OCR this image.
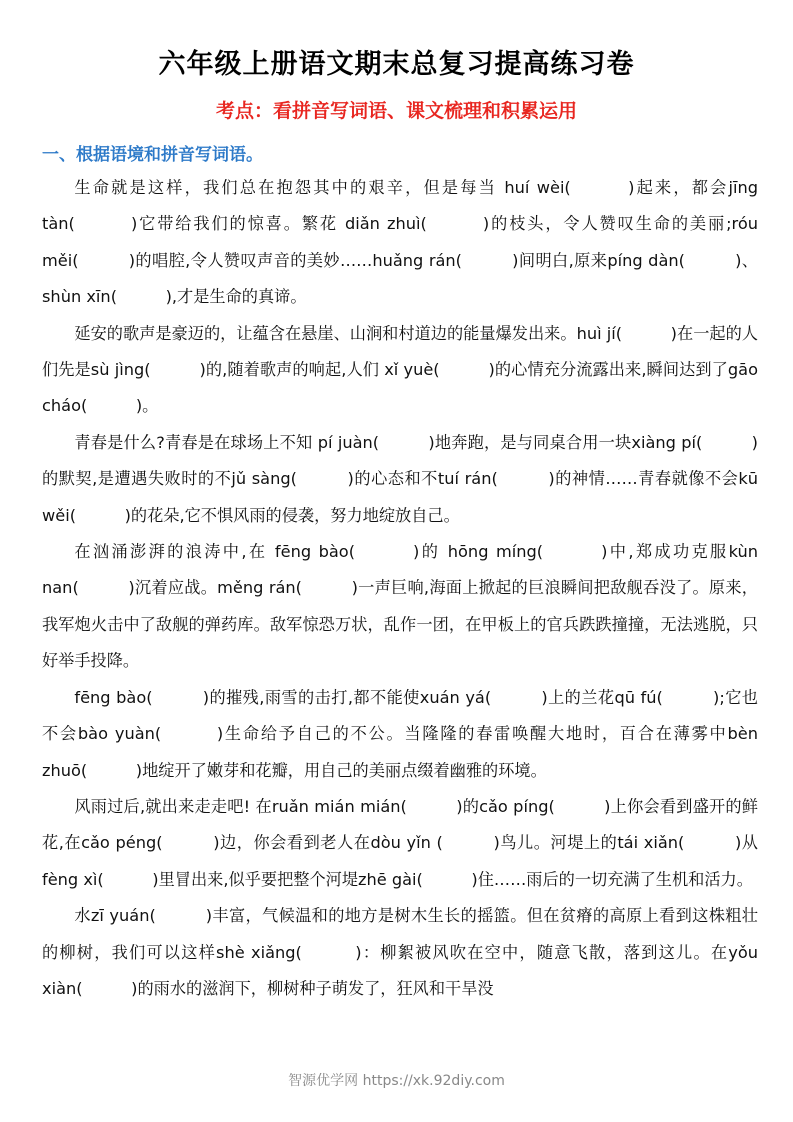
六年级上册语文期末总复习提高练习卷
考点：看拼音写词语、课文梳理和积累运用
一、根据语境和拼音写词语。

生命就是这样，我们总在抱怨其中的艰辛，但是每当 huí wèi(　　　)起来，都会jīng tàn(　　　)它带给我们的惊喜。繁花 diǎn zhuì(　　　)的枝头，令人赞叹生命的美丽;róu měi(　　　)的唱腔,令人赞叹声音的美妙……huǎng rán(　　　)间明白,原来píng dàn(　　　)、shùn xīn(　　　),才是生命的真谛。

延安的歌声是豪迈的，让蕴含在悬崖、山涧和村道边的能量爆发出来。huì jí(　　　)在一起的人们先是sù jìng(　　　)的,随着歌声的响起,人们 xǐ yuè(　　　)的心情充分流露出来,瞬间达到了gāo cháo(　　　)。

青春是什么?青春是在球场上不知 pí juàn(　　　)地奔跑，是与同桌合用一块xiàng pí(　　　)的默契,是遭遇失败时的不jǔ sàng(　　　)的心态和不tuí rán(　　　)的神情……青春就像不会kū wěi(　　　)的花朵,它不惧风雨的侵袭，努力地绽放自己。

在汹涌澎湃的浪涛中,在 fēng bào(　　　)的 hōng míng(　　　)中,郑成功克服kùn nan(　　　)沉着应战。měng rán(　　　)一声巨响,海面上掀起的巨浪瞬间把敌舰吞没了。原来，我军炮火击中了敌舰的弹药库。敌军惊恐万状，乱作一团，在甲板上的官兵跌跌撞撞，无法逃脱，只好举手投降。

fēng bào(　　　)的摧残,雨雪的击打,都不能使xuán yá(　　　)上的兰花qū fú(　　　);它也不会bào yuàn(　　　)生命给予自己的不公。当隆隆的春雷唤醒大地时，百合在薄雾中bèn zhuō(　　　)地绽开了嫩芽和花瓣，用自己的美丽点缀着幽雅的环境。

风雨过后,就出来走走吧! 在ruǎn mián mián(　　　)的cǎo píng(　　　)上你会看到盛开的鲜花,在cǎo péng(　　　)边，你会看到老人在dòu yǐn (　　　)鸟儿。河堤上的tái xiǎn(　　　)从 fèng xì(　　　)里冒出来,似乎要把整个河堤zhē gài(　　　)住……雨后的一切充满了生机和活力。

水zī yuán(　　　)丰富，气候温和的地方是树木生长的摇篮。但在贫瘠的高原上看到这株粗壮的柳树，我们可以这样shè xiǎng(　　　)：柳絮被风吹在空中，随意飞散，落到这儿。在yǒu xiàn(　　　)的雨水的滋润下，柳树种子萌发了，狂风和干旱没

智源优学网 https://xk.92diy.com
